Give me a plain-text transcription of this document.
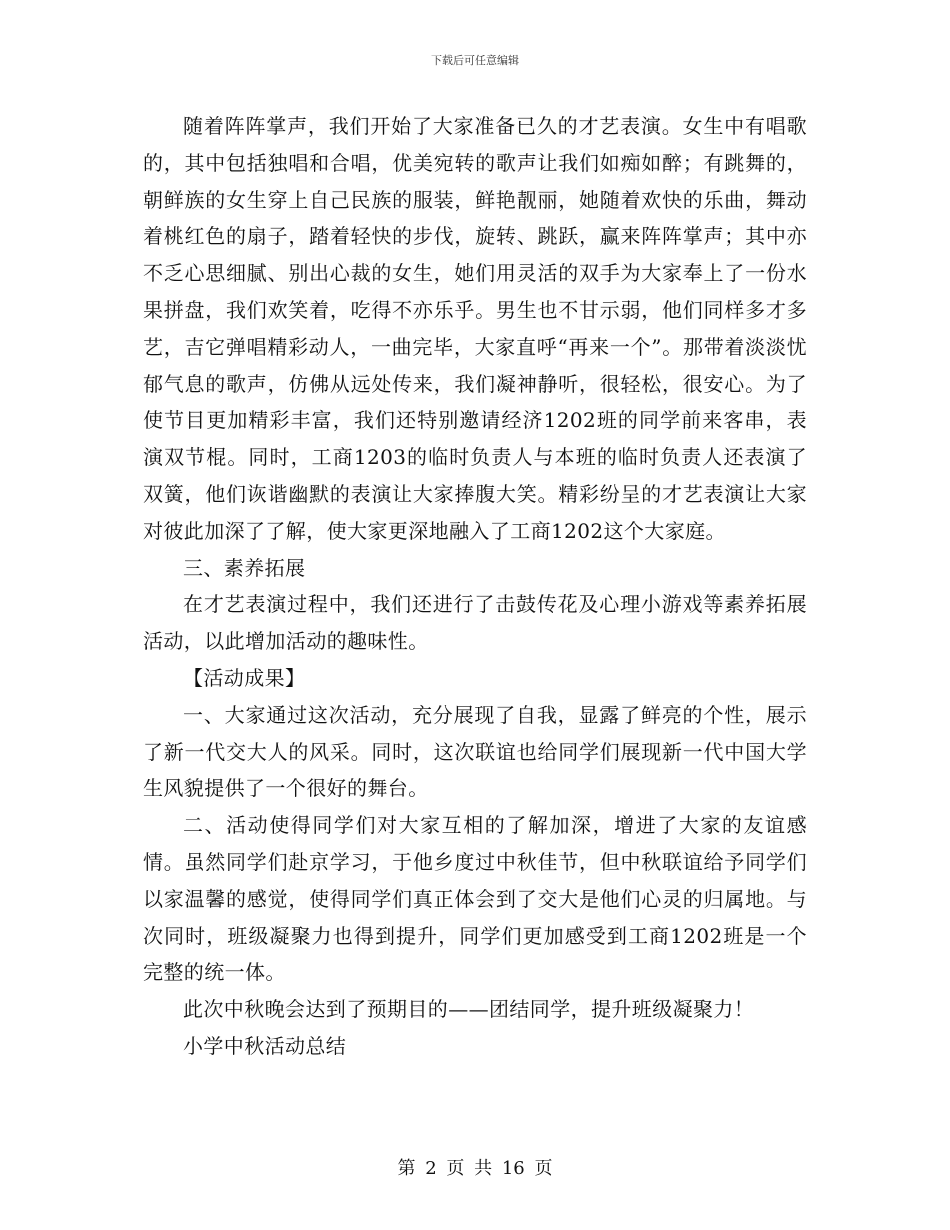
下载后可任意编辑

随着阵阵掌声，我们开始了大家准备已久的才艺表演。女生中有唱歌的，其中包括独唱和合唱，优美宛转的歌声让我们如痴如醉；有跳舞的，朝鲜族的女生穿上自己民族的服装，鲜艳靓丽，她随着欢快的乐曲，舞动着桃红色的扇子，踏着轻快的步伐，旋转、跳跃，赢来阵阵掌声；其中亦不乏心思细腻、别出心裁的女生，她们用灵活的双手为大家奉上了一份水果拼盘，我们欢笑着，吃得不亦乐乎。男生也不甘示弱，他们同样多才多艺，吉它弹唱精彩动人，一曲完毕，大家直呼“再来一个”。那带着淡淡忧郁气息的歌声，仿佛从远处传来，我们凝神静听，很轻松，很安心。为了使节目更加精彩丰富，我们还特别邀请经济1202班的同学前来客串，表演双节棍。同时，工商1203的临时负责人与本班的临时负责人还表演了双簧，他们诙谐幽默的表演让大家捧腹大笑。精彩纷呈的才艺表演让大家对彼此加深了了解，使大家更深地融入了工商1202这个大家庭。

三、素养拓展

在才艺表演过程中，我们还进行了击鼓传花及心理小游戏等素养拓展活动，以此增加活动的趣味性。

【活动成果】

一、大家通过这次活动，充分展现了自我，显露了鲜亮的个性，展示了新一代交大人的风采。同时，这次联谊也给同学们展现新一代中国大学生风貌提供了一个很好的舞台。

二、活动使得同学们对大家互相的了解加深，增进了大家的友谊感情。虽然同学们赴京学习，于他乡度过中秋佳节，但中秋联谊给予同学们以家温馨的感觉，使得同学们真正体会到了交大是他们心灵的归属地。与次同时，班级凝聚力也得到提升，同学们更加感受到工商1202班是一个完整的统一体。

此次中秋晚会达到了预期目的——团结同学，提升班级凝聚力！

小学中秋活动总结

第 2 页 共 16 页
